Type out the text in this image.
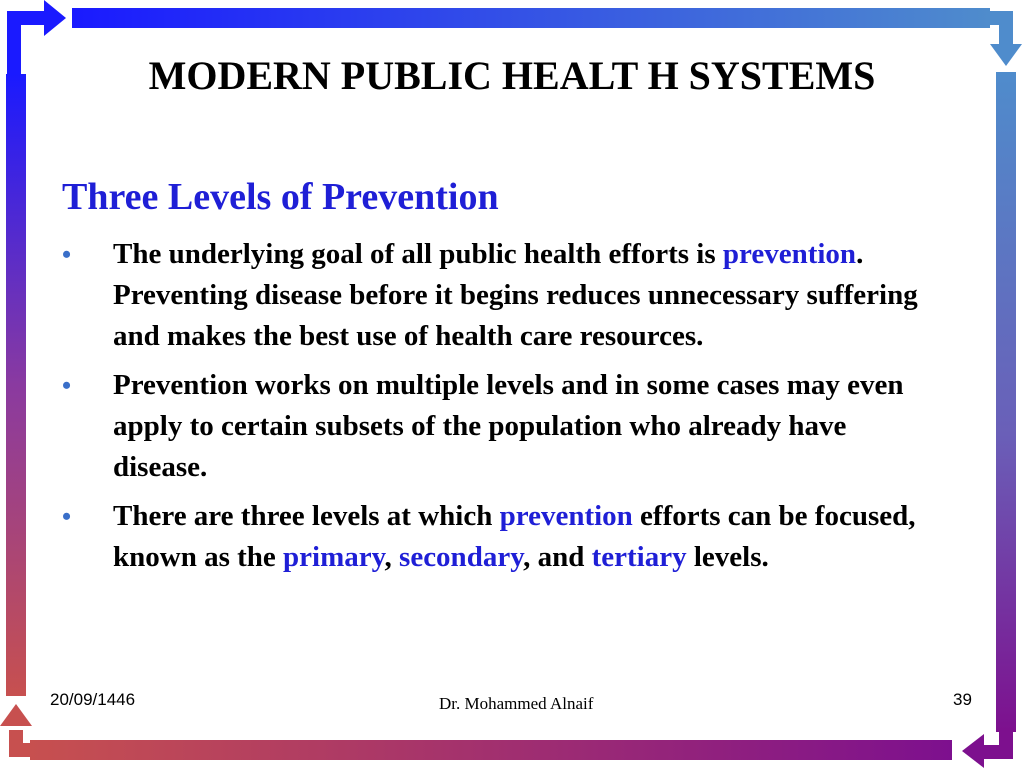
MODERN PUBLIC HEALT H SYSTEMS
Three Levels of Prevention
• The underlying goal of all public health efforts is prevention. Preventing disease before it begins reduces unnecessary suffering and makes the best use of health care resources.
• Prevention works on multiple levels and in some cases may even apply to certain subsets of the population who already have disease.
• There are three levels at which prevention efforts can be focused, known as the primary, secondary, and tertiary levels.
20/09/1446	Dr. Mohammed Alnaif	39
